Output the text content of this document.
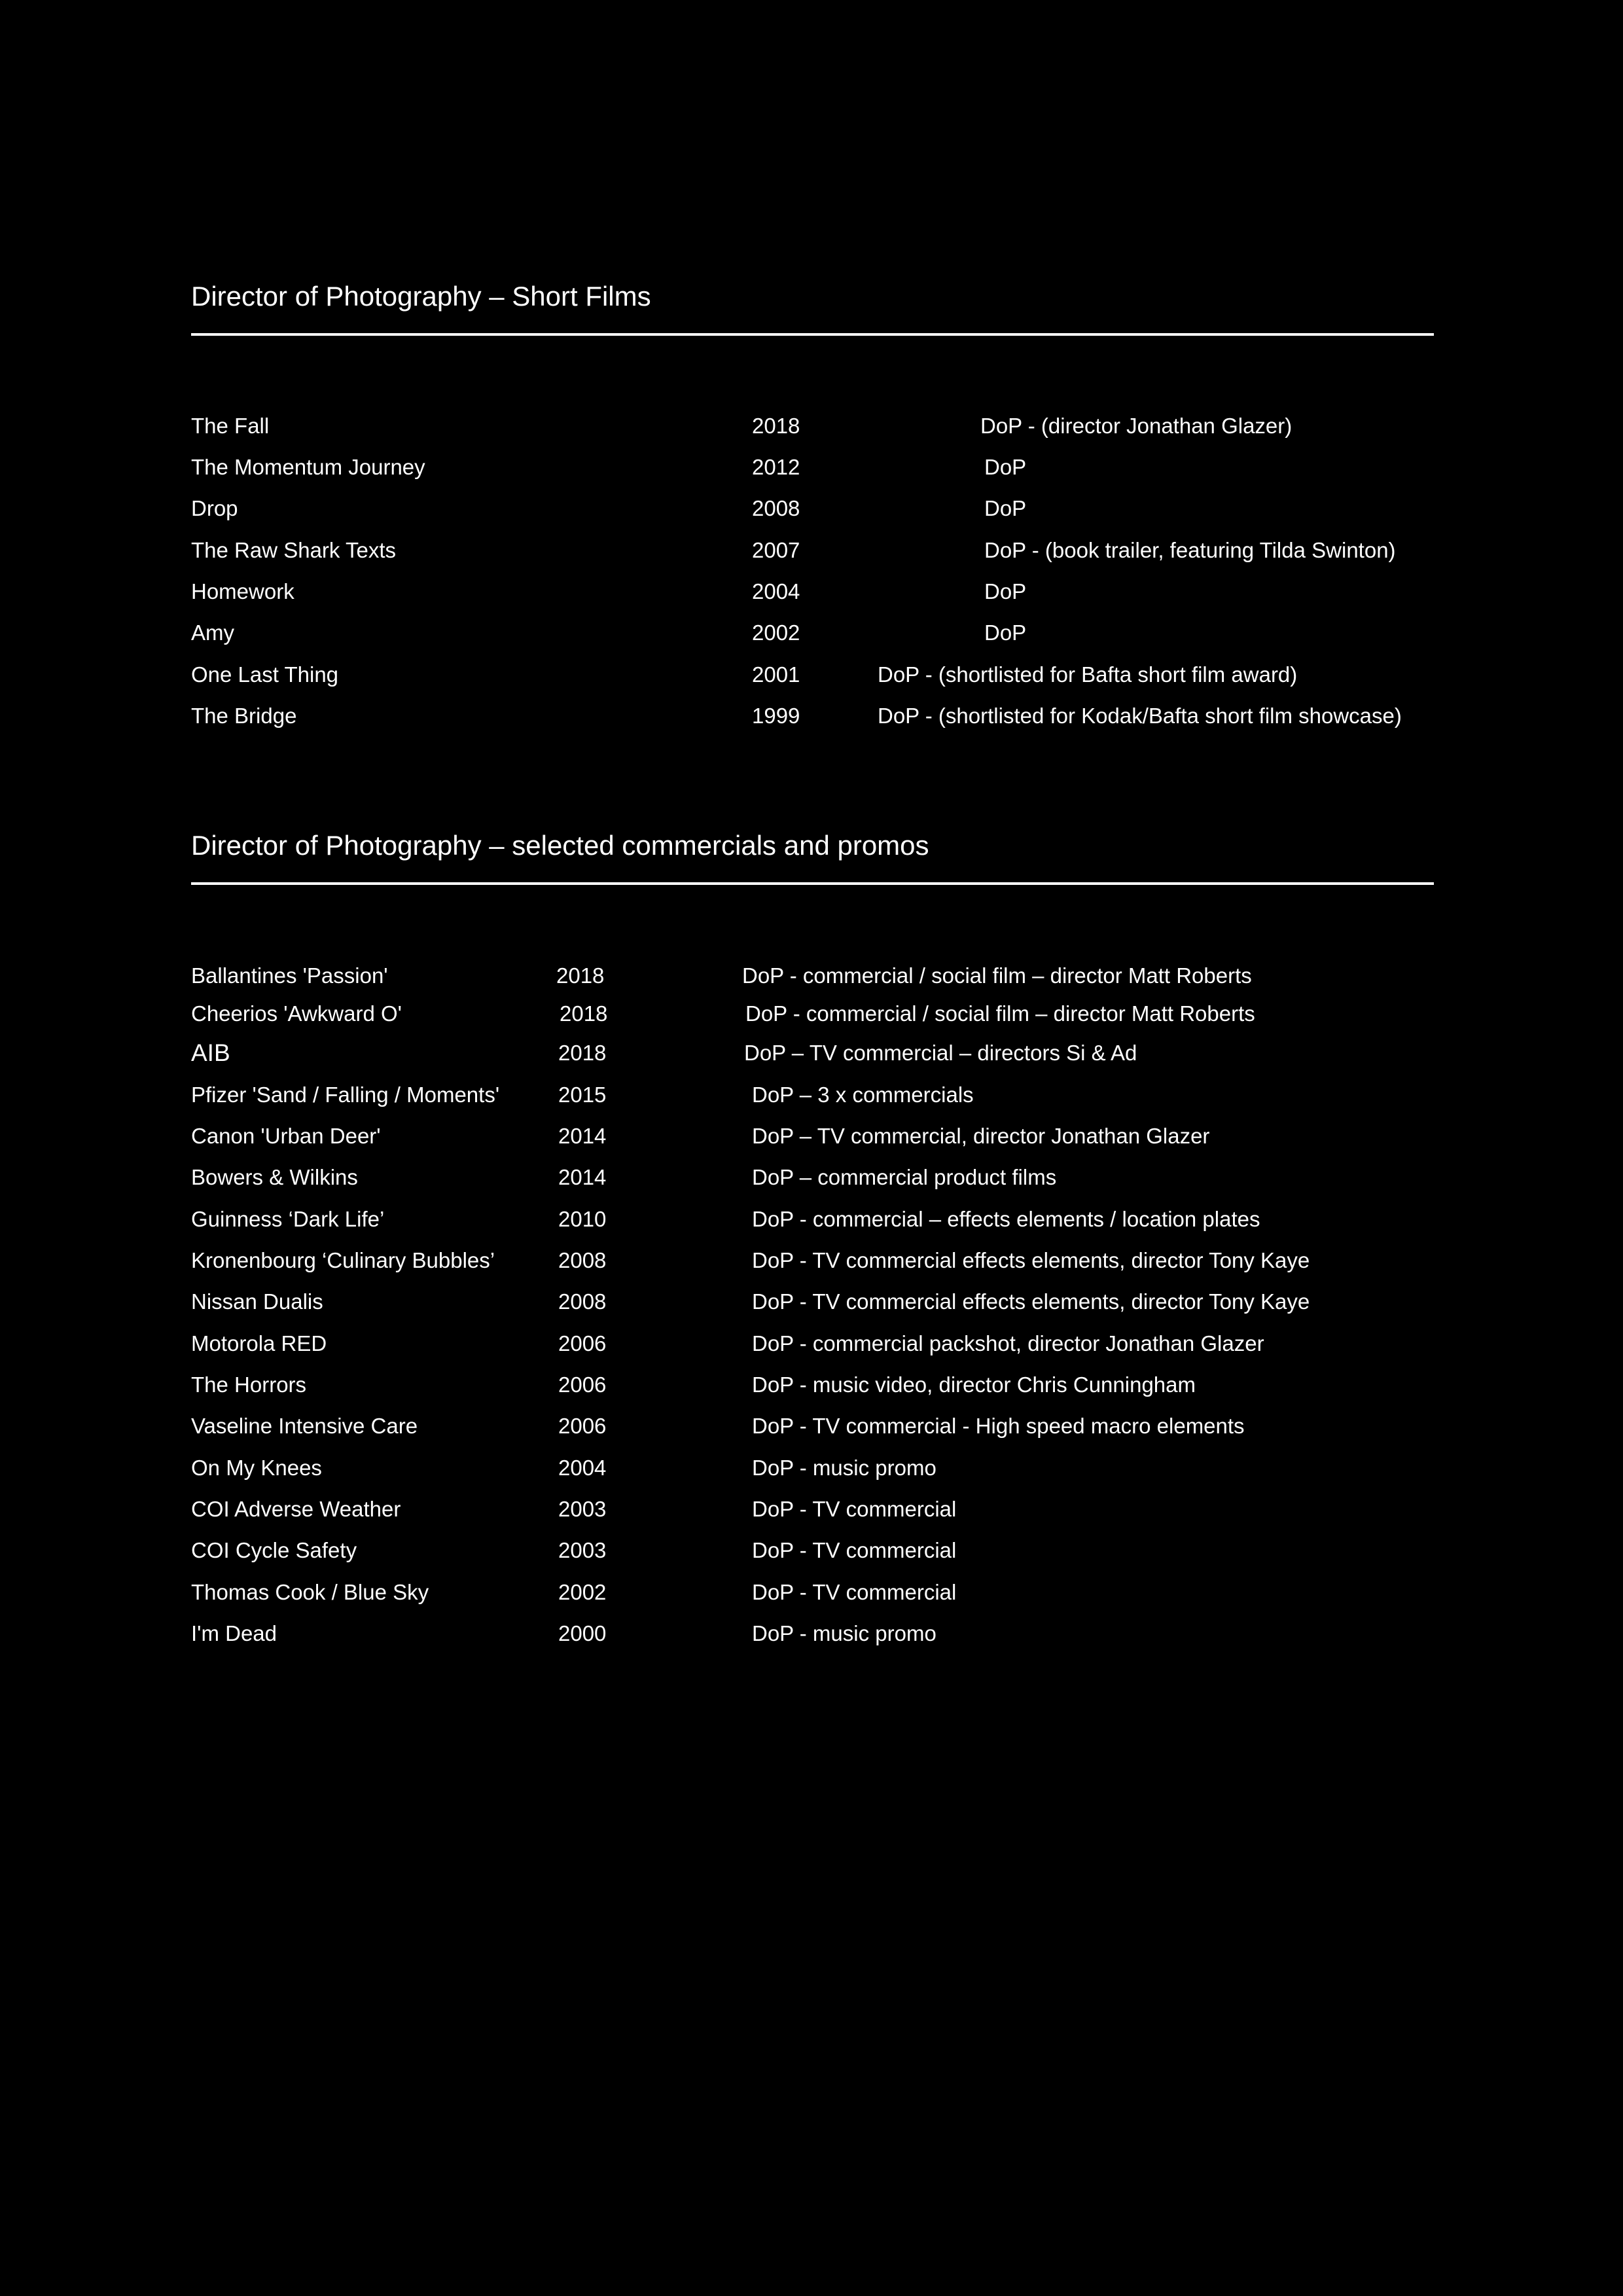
Director of Photography – Short Films
The Fall	2018	DoP - (director Jonathan Glazer)
The Momentum Journey	2012	DoP
Drop	2008	DoP
The Raw Shark Texts	2007	DoP - (book trailer, featuring Tilda Swinton)
Homework	2004	DoP
Amy	2002	DoP
One Last Thing	2001	DoP - (shortlisted for Bafta short film award)
The Bridge	1999	DoP - (shortlisted for Kodak/Bafta short film showcase)
Director of Photography – selected commercials and promos
Ballantines 'Passion'	2018	DoP - commercial / social film – director Matt Roberts
Cheerios 'Awkward O'	2018	DoP - commercial / social film – director Matt Roberts
AIB	2018	DoP – TV commercial – directors Si & Ad
Pfizer 'Sand / Falling / Moments'	2015	DoP – 3 x commercials
Canon 'Urban Deer'	2014	DoP – TV commercial, director Jonathan Glazer
Bowers & Wilkins	2014	DoP – commercial product films
Guinness ‘Dark Life’	2010	DoP - commercial – effects elements / location plates
Kronenbourg ‘Culinary Bubbles’	2008	DoP - TV commercial effects elements, director Tony Kaye
Nissan Dualis	2008	DoP - TV commercial effects elements, director Tony Kaye
Motorola RED	2006	DoP - commercial packshot, director Jonathan Glazer
The Horrors	2006	DoP - music video, director Chris Cunningham
Vaseline Intensive Care	2006	DoP - TV commercial - High speed macro elements
On My Knees	2004	DoP - music promo
COI Adverse Weather	2003	DoP - TV commercial
COI Cycle Safety	2003	DoP - TV commercial
Thomas Cook / Blue Sky	2002	DoP - TV commercial
I'm Dead	2000	DoP - music promo
